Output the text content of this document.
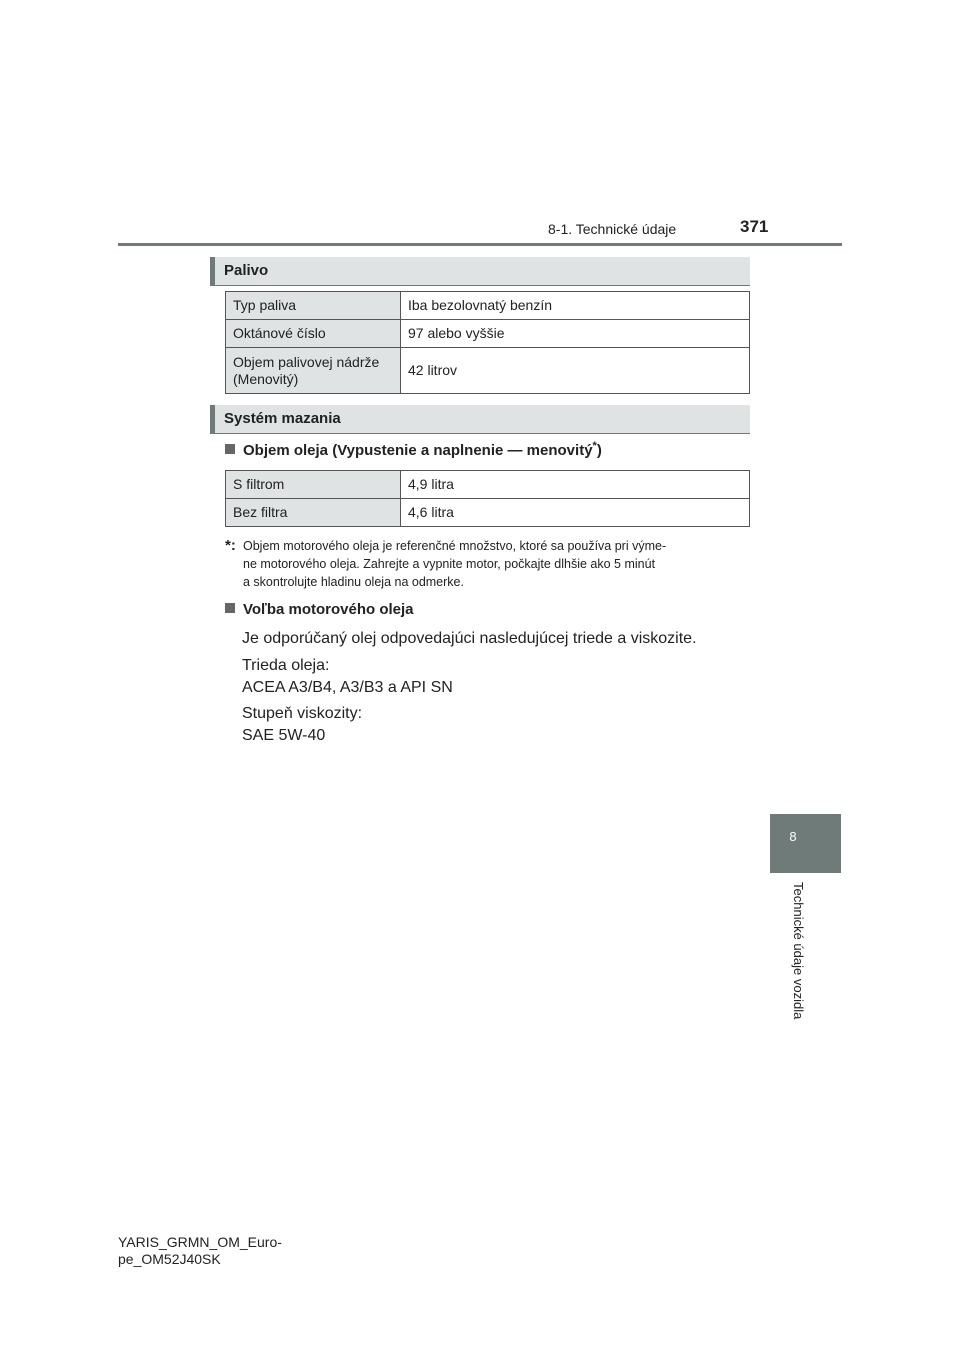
8-1. Technické údaje	371
Palivo
Typ paliva	Iba bezolovnatý benzín
Oktánové číslo	97 alebo vyššie

Objem palivovej nádrže
(Menovitý)	42 litrov
Systém mazania
Objem oleja (Vypustenie a naplnenie — menovitý*)
S filtrom	4,9 litra
Bez filtra	4,6 litra

*: Objem motorového oleja je referenčné množstvo, ktoré sa používa pri výme-

ne motorového oleja. Zahrejte a vypnite motor, počkajte dlhšie ako 5 minút

a skontrolujte hladinu oleja na odmerke.

Voľba motorového oleja
Je odporúčaný olej odpovedajúci nasledujúcej triede a viskozite.
Trieda oleja:
ACEA A3/B4, A3/B3 a API SN
Stupeň viskozity:
SAE 5W-40
8
Technické údaje vozidla
YARIS_GRMN_OM_Euro-
pe_OM52J40SK
